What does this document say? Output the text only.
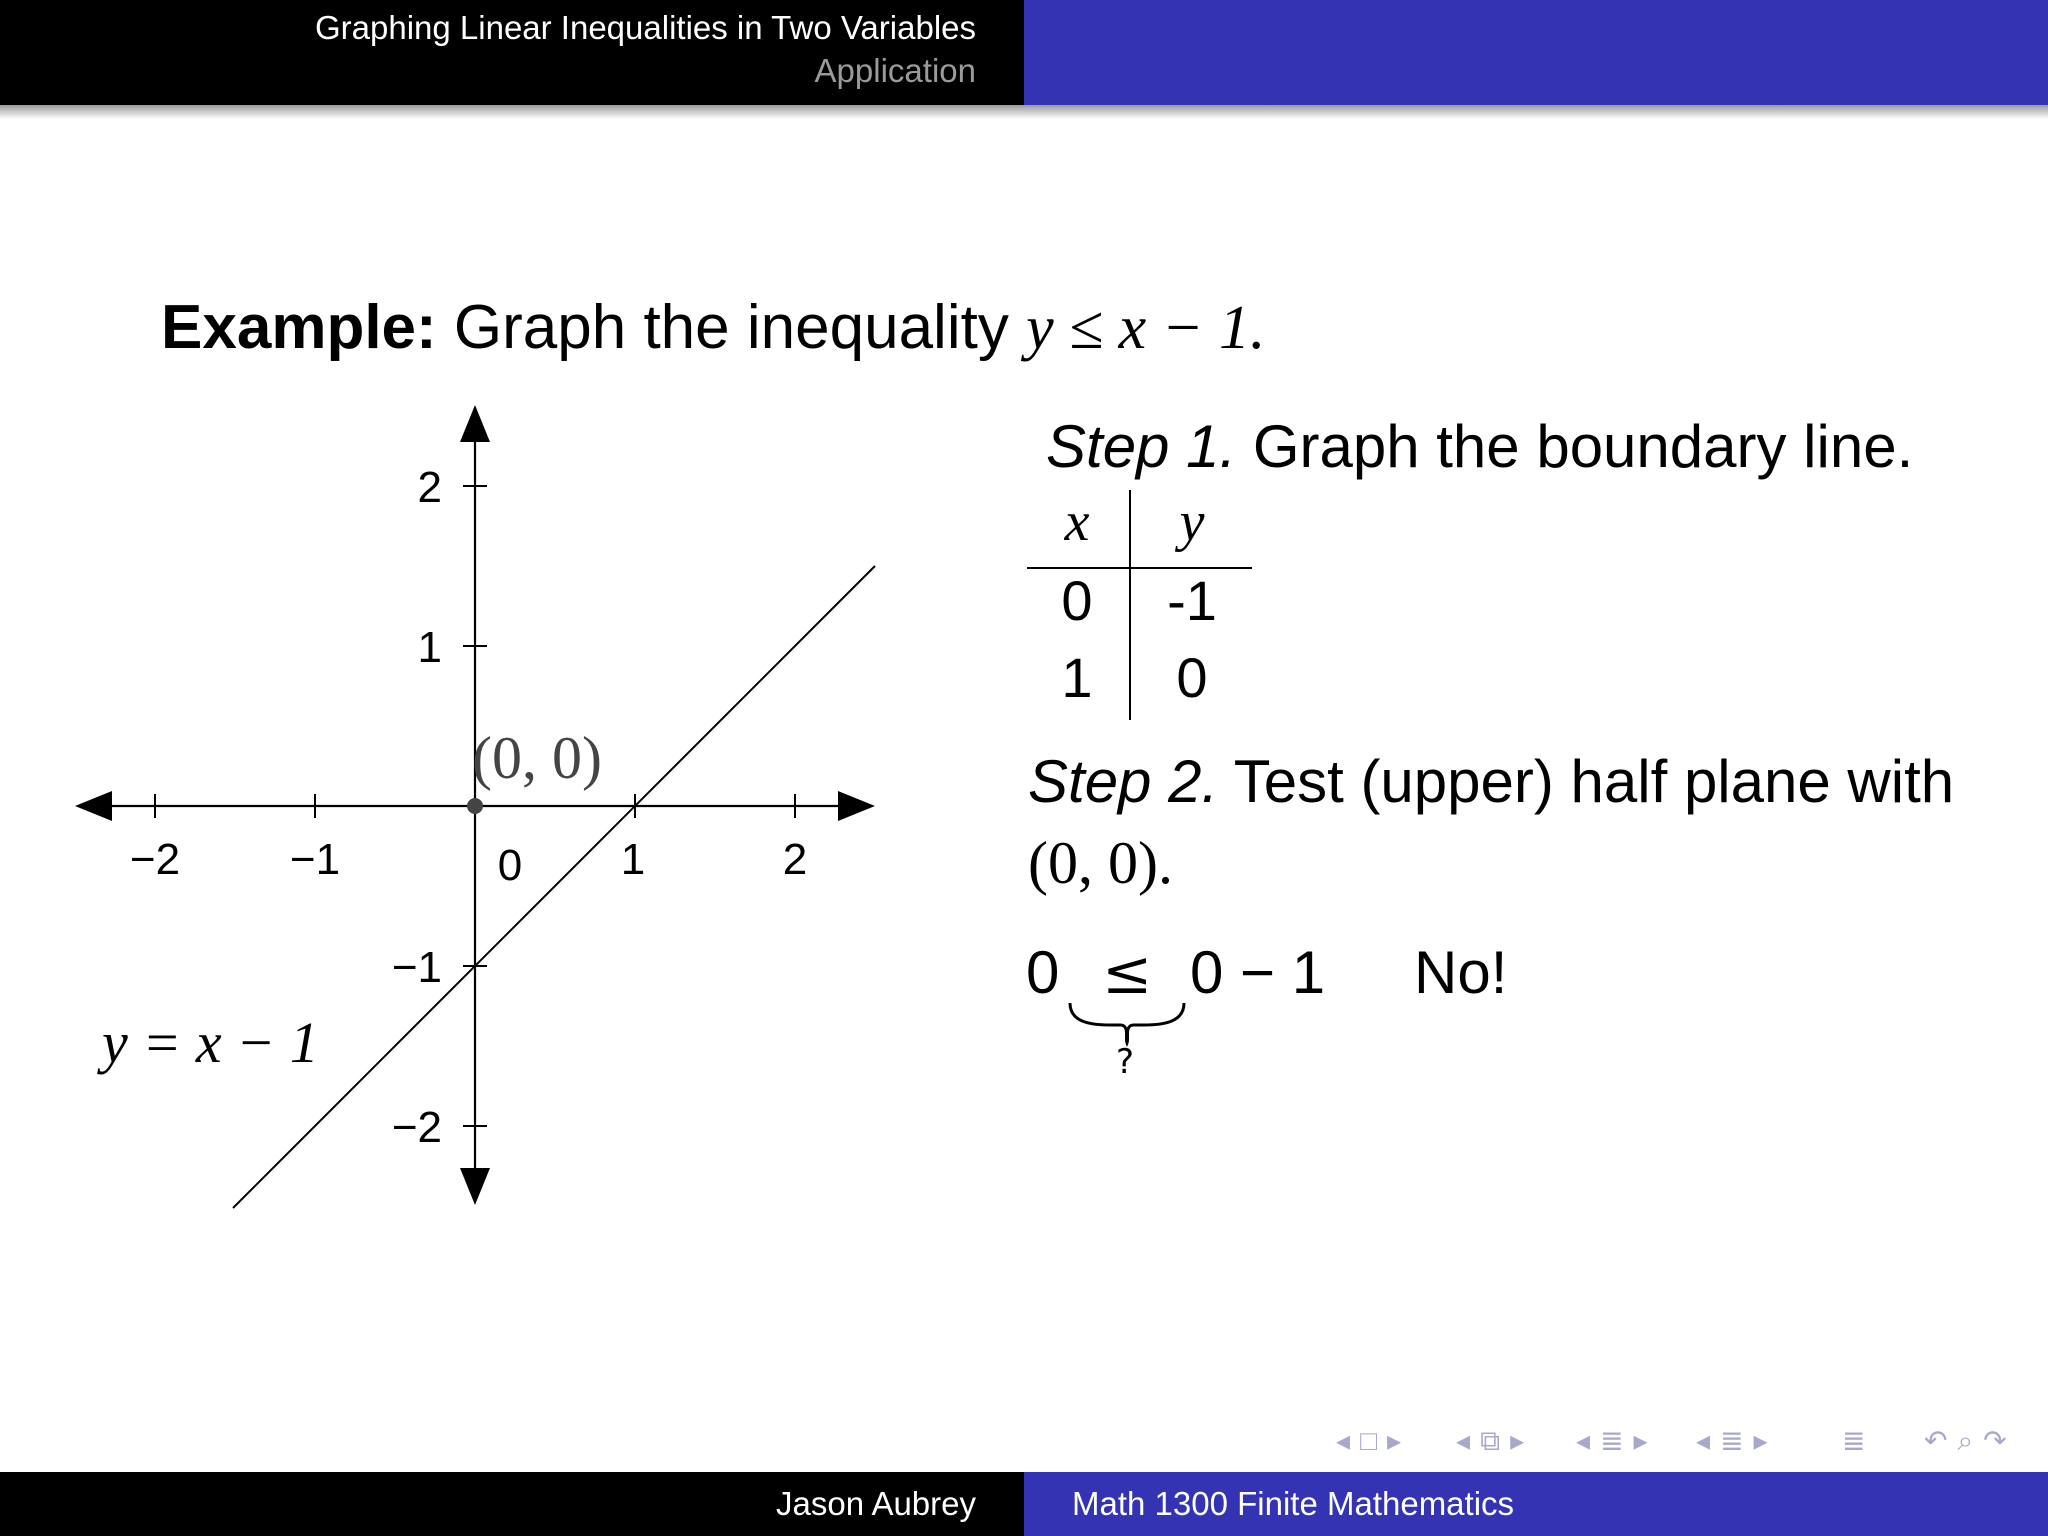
Graphing Linear Inequalities in Two Variables
Application
Example: Graph the inequality y ≤ x − 1.
−2 −1	1	2
0
2
1
−1
−2
(0, 0)
y = x − 1
Step 1. Graph the boundary line.
x	y
0	-1
1	0
Step 2. Test (upper) half plane with
(0, 0).
0 ≤ 0 − 1
?
No!
◂ □ ▸	◂ ⧉ ▸	◂ ≣ ▸	◂ ≣ ▸	≣	↶ ⌕ ↷
Jason Aubrey	Math 1300 Finite Mathematics
